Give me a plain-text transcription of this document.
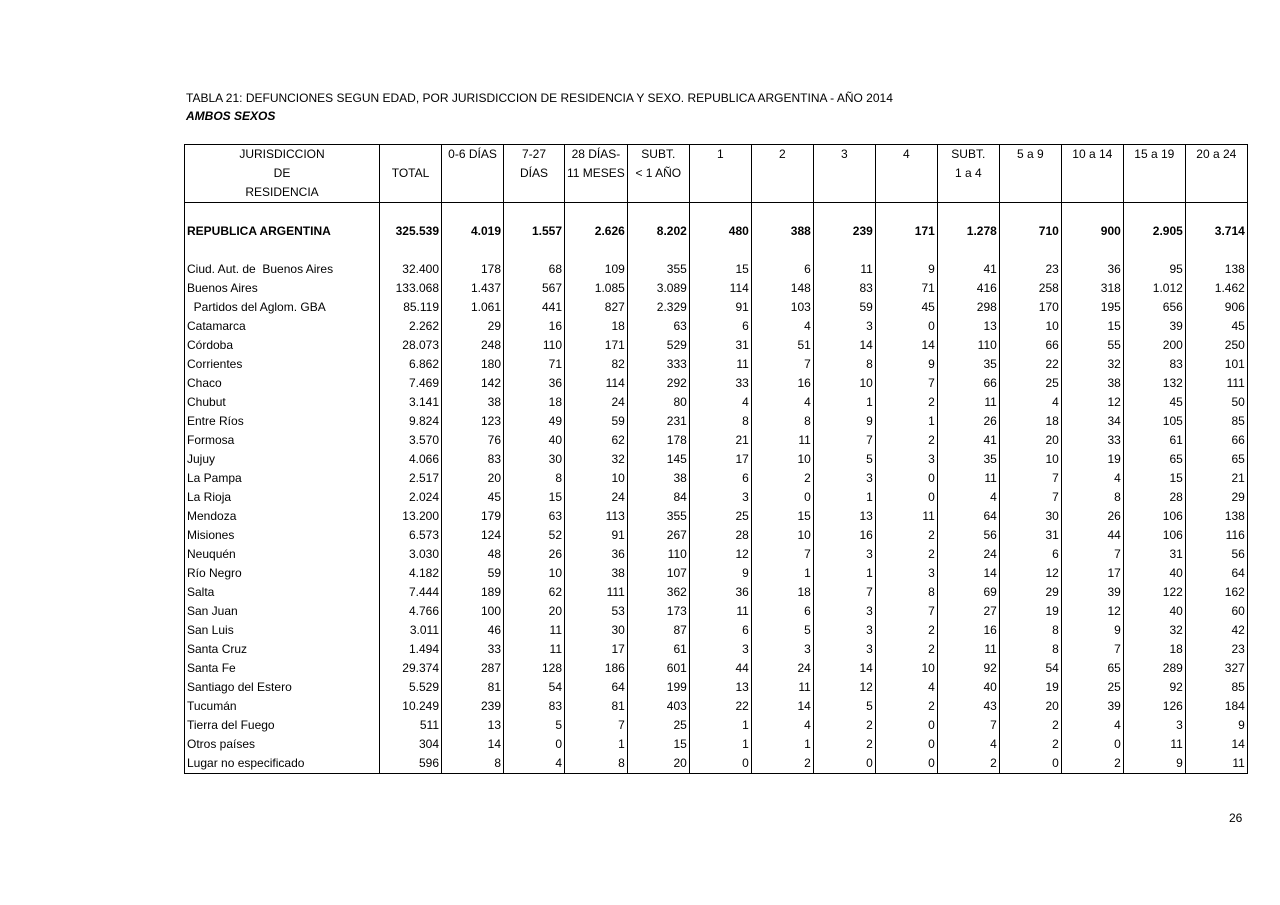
TABLA 21: DEFUNCIONES SEGUN EDAD, POR JURISDICCION DE RESIDENCIA Y SEXO. REPUBLICA ARGENTINA - AÑO 2014
AMBOS SEXOS
JURISDICCION		0-6 DÍAS	7-27	28 DÍAS-	SUBT.	1	2	3	4	SUBT.	5 a 9	10 a 14	15 a 19	20 a 24
DE	TOTAL		DÍAS	11 MESES	< 1 AÑO					1 a 4				
RESIDENCIA														

REPUBLICA ARGENTINA	325.539	4.019	1.557	2.626	8.202	480	388	239	171	1.278	710	900	2.905	3.714

Ciud. Aut. de  Buenos Aires	32.400	178	68	109	355	15	6	11	9	41	23	36	95	138
Buenos Aires	133.068	1.437	567	1.085	3.089	114	148	83	71	416	258	318	1.012	1.462
Partidos del Aglom. GBA	85.119	1.061	441	827	2.329	91	103	59	45	298	170	195	656	906
Catamarca	2.262	29	16	18	63	6	4	3	0	13	10	15	39	45
Córdoba	28.073	248	110	171	529	31	51	14	14	110	66	55	200	250
Corrientes	6.862	180	71	82	333	11	7	8	9	35	22	32	83	101
Chaco	7.469	142	36	114	292	33	16	10	7	66	25	38	132	111
Chubut	3.141	38	18	24	80	4	4	1	2	11	4	12	45	50
Entre Ríos	9.824	123	49	59	231	8	8	9	1	26	18	34	105	85
Formosa	3.570	76	40	62	178	21	11	7	2	41	20	33	61	66
Jujuy	4.066	83	30	32	145	17	10	5	3	35	10	19	65	65
La Pampa	2.517	20	8	10	38	6	2	3	0	11	7	4	15	21
La Rioja	2.024	45	15	24	84	3	0	1	0	4	7	8	28	29
Mendoza	13.200	179	63	113	355	25	15	13	11	64	30	26	106	138
Misiones	6.573	124	52	91	267	28	10	16	2	56	31	44	106	116
Neuquén	3.030	48	26	36	110	12	7	3	2	24	6	7	31	56
Río Negro	4.182	59	10	38	107	9	1	1	3	14	12	17	40	64
Salta	7.444	189	62	111	362	36	18	7	8	69	29	39	122	162
San Juan	4.766	100	20	53	173	11	6	3	7	27	19	12	40	60
San Luis	3.011	46	11	30	87	6	5	3	2	16	8	9	32	42
Santa Cruz	1.494	33	11	17	61	3	3	3	2	11	8	7	18	23
Santa Fe	29.374	287	128	186	601	44	24	14	10	92	54	65	289	327
Santiago del Estero	5.529	81	54	64	199	13	11	12	4	40	19	25	92	85
Tucumán	10.249	239	83	81	403	22	14	5	2	43	20	39	126	184
Tierra del Fuego	511	13	5	7	25	1	4	2	0	7	2	4	3	9
Otros países	304	14	0	1	15	1	1	2	0	4	2	0	11	14
Lugar no especificado	596	8	4	8	20	0	2	0	0	2	0	2	9	11
26
